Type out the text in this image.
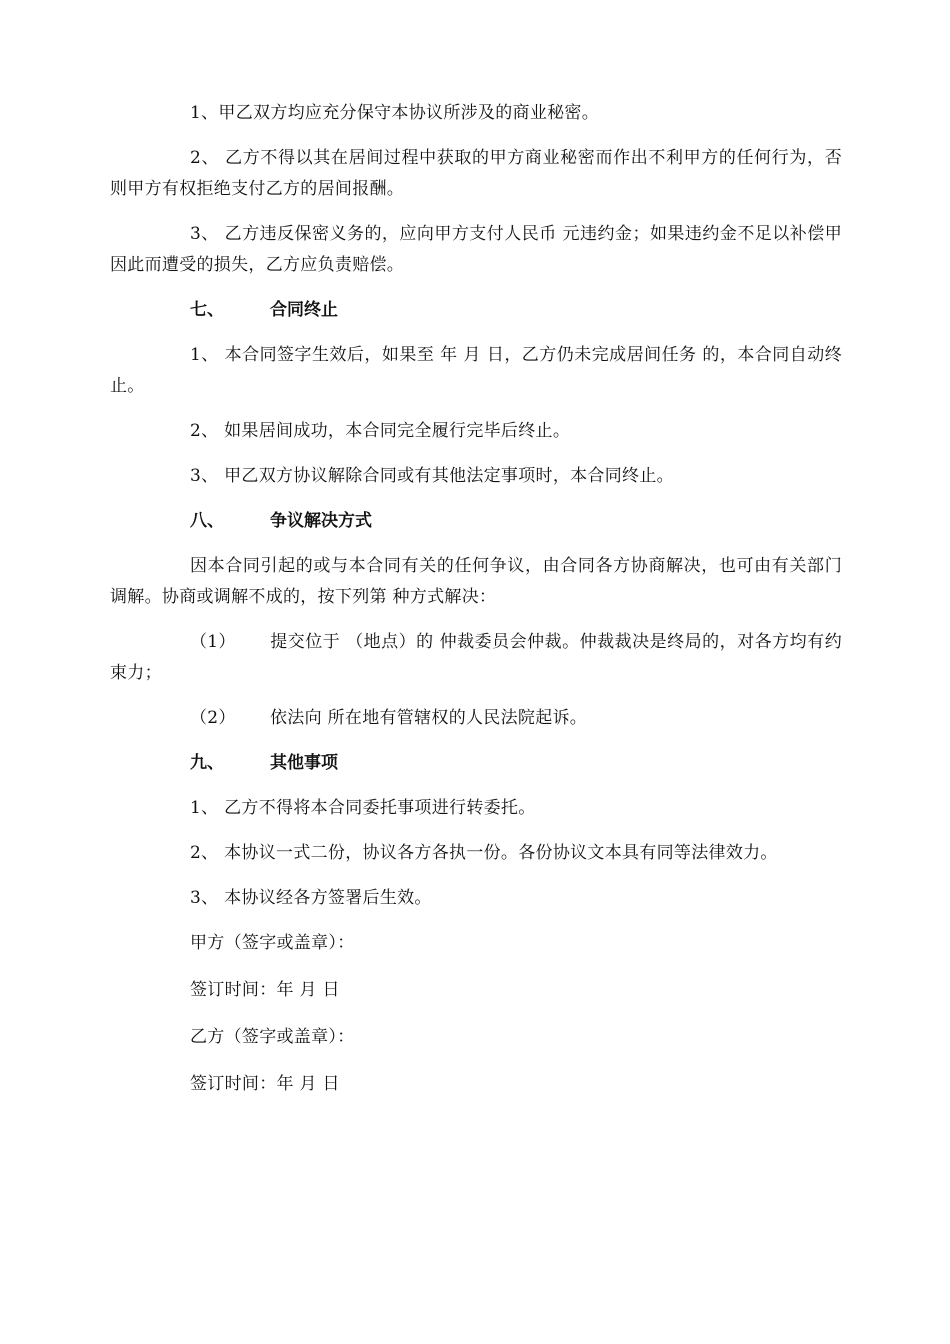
1、甲乙双方均应充分保守本协议所涉及的商业秘密。

2、 乙方不得以其在居间过程中获取的甲方商业秘密而作出不利甲方的任何行为，否则甲方有权拒绝支付乙方的居间报酬。

3、 乙方违反保密义务的，应向甲方支付人民币 元违约金；如果违约金不足以补偿甲因此而遭受的损失，乙方应负责赔偿。

七、	合同终止

1、 本合同签字生效后，如果至 年 月 日，乙方仍未完成居间任务 的，本合同自动终止。

2、 如果居间成功，本合同完全履行完毕后终止。

3、 甲乙双方协议解除合同或有其他法定事项时，本合同终止。

八、	争议解决方式

因本合同引起的或与本合同有关的任何争议，由合同各方协商解决，也可由有关部门调解。协商或调解不成的，按下列第 种方式解决：

（1） 提交位于 （地点）的 仲裁委员会仲裁。仲裁裁决是终局的，对各方均有约束力；

（2） 依法向 所在地有管辖权的人民法院起诉。

九、	其他事项

1、 乙方不得将本合同委托事项进行转委托。

2、 本协议一式二份，协议各方各执一份。各份协议文本具有同等法律效力。

3、 本协议经各方签署后生效。

甲方（签字或盖章）：

签订时间：年 月 日

乙方（签字或盖章）：

签订时间：年 月 日
